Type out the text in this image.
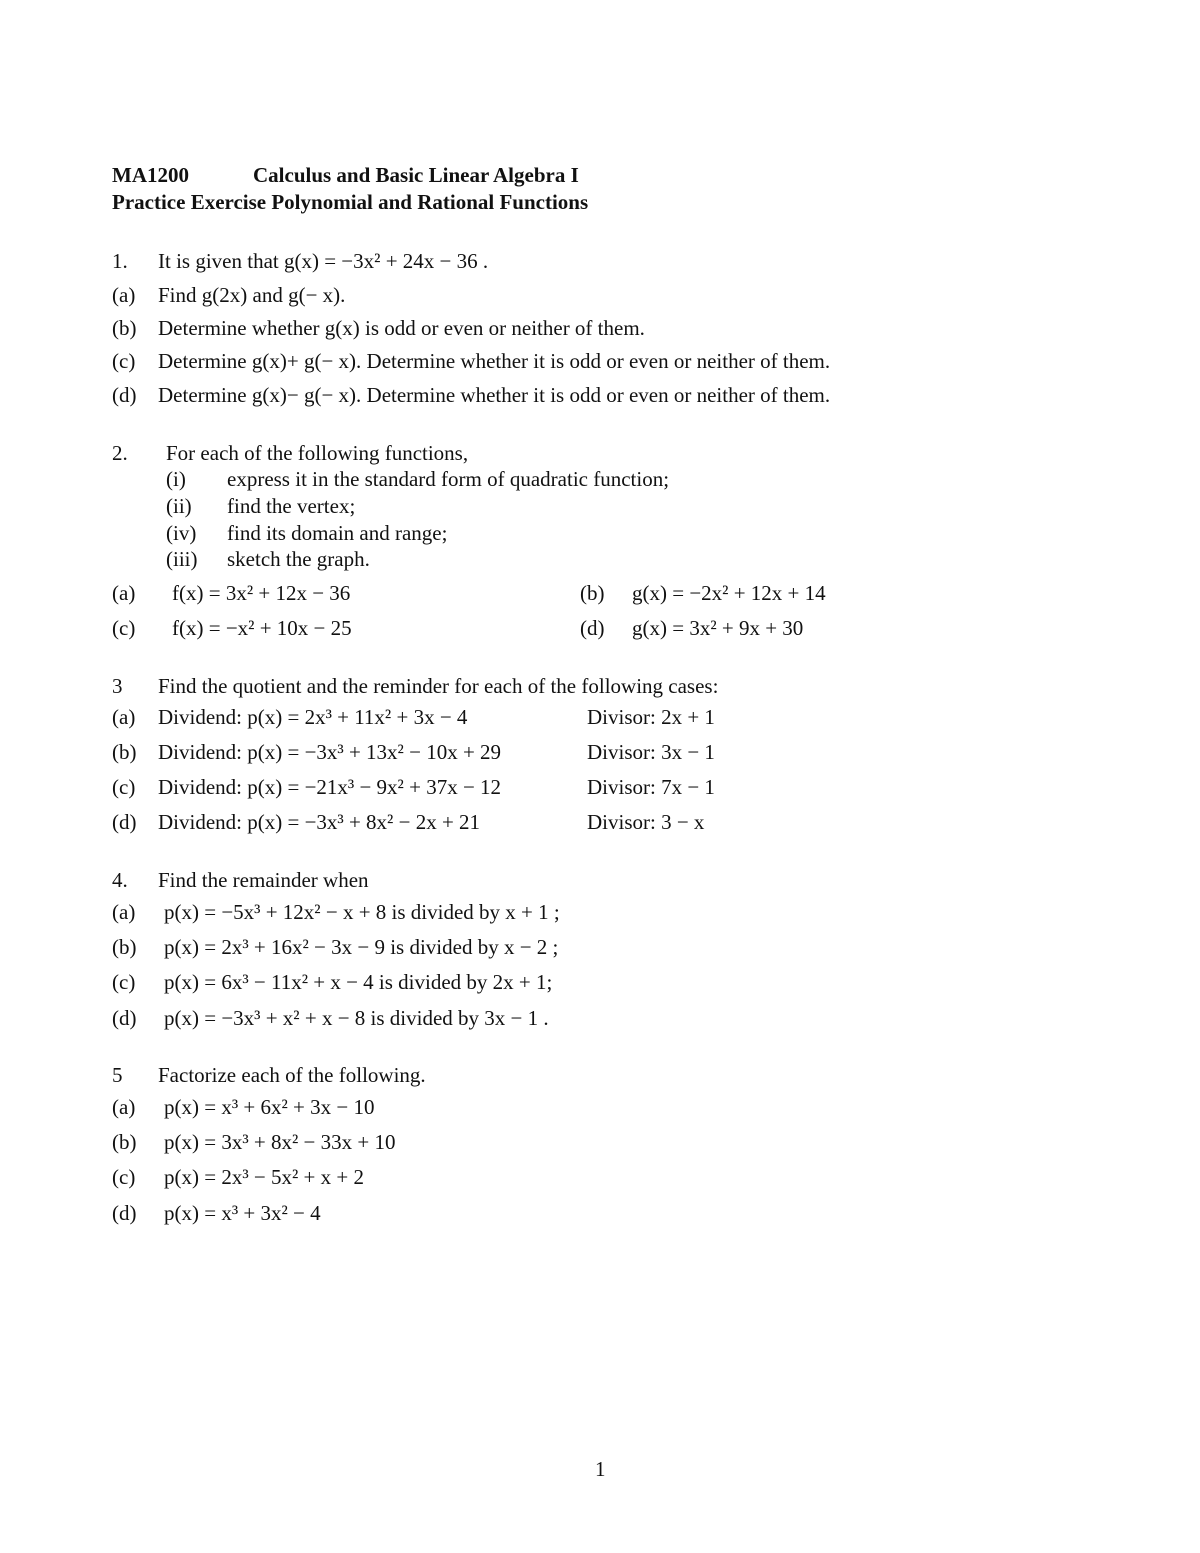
MA1200	Calculus and Basic Linear Algebra I
Practice Exercise Polynomial and Rational Functions
1. It is given that g(x) = −3x² + 24x − 36 .
(a) Find g(2x) and g(− x).
(b) Determine whether g(x) is odd or even or neither of them.
(c) Determine g(x)+ g(− x). Determine whether it is odd or even or neither of them.
(d) Determine g(x)− g(− x). Determine whether it is odd or even or neither of them.
2. For each of the following functions,
(i) express it in the standard form of quadratic function;
(ii) find the vertex;
(iv) find its domain and range;
(iii) sketch the graph.
(a) f(x) = 3x² + 12x − 36	(b) g(x) = −2x² + 12x + 14
(c) f(x) = −x² + 10x − 25	(d) g(x) = 3x² + 9x + 30
3 Find the quotient and the reminder for each of the following cases:
(a) Dividend: p(x) = 2x³ + 11x² + 3x − 4	Divisor: 2x + 1
(b) Dividend: p(x) = −3x³ + 13x² − 10x + 29	Divisor: 3x − 1
(c) Dividend: p(x) = −21x³ − 9x² + 37x − 12	Divisor: 7x − 1
(d) Dividend: p(x) = −3x³ + 8x² − 2x + 21	Divisor: 3 − x
4. Find the remainder when
(a) p(x) = −5x³ + 12x² − x + 8 is divided by x + 1 ;
(b) p(x) = 2x³ + 16x² − 3x − 9 is divided by x − 2 ;
(c) p(x) = 6x³ − 11x² + x − 4 is divided by 2x + 1;
(d) p(x) = −3x³ + x² + x − 8 is divided by 3x − 1 .
5 Factorize each of the following.
(a) p(x) = x³ + 6x² + 3x − 10
(b) p(x) = 3x³ + 8x² − 33x + 10
(c) p(x) = 2x³ − 5x² + x + 2
(d) p(x) = x³ + 3x² − 4
1
